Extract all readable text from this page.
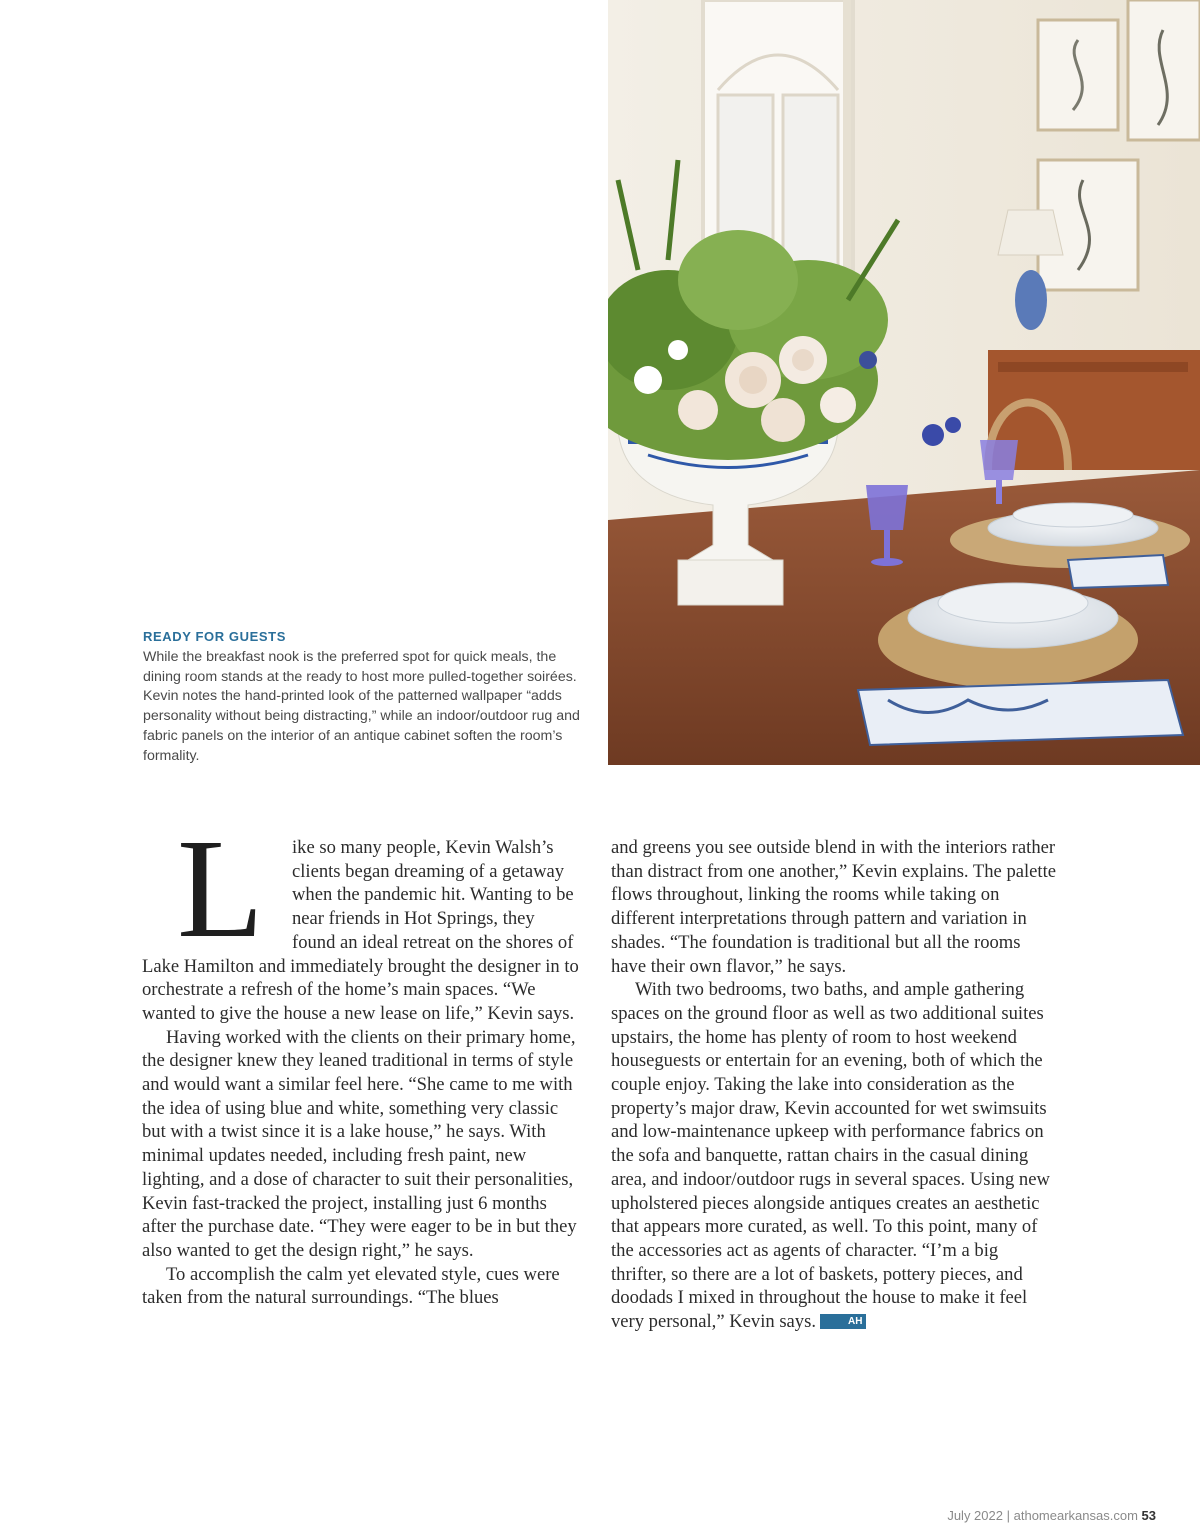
READY FOR GUESTS

While the breakfast nook is the preferred spot for quick meals, the dining room stands at the ready to host more pulled-together soirées. Kevin notes the hand-printed look of the patterned wallpaper “adds personality without being distracting,” while an indoor/outdoor rug and fabric panels on the interior of an antique cabinet soften the room’s formality.

L	ike so many people, Kevin Walsh’s clients began dreaming of a getaway when the pandemic hit. Wanting to be near friends in Hot Springs, they found an ideal retreat on the shores of Lake Hamilton and immediately brought the designer in to orchestrate a refresh of the home’s main spaces. “We wanted to give the house a new lease on life,” Kevin says.

Having worked with the clients on their primary home, the designer knew they leaned traditional in terms of style and would want a similar feel here. “She came to me with the idea of using blue and white, something very classic but with a twist since it is a lake house,” he says. With minimal updates needed, including fresh paint, new lighting, and a dose of character to suit their personalities, Kevin fast-tracked the project, installing just 6 months after the purchase date. “They were eager to be in but they also wanted to get the design right,” he says.

To accomplish the calm yet elevated style, cues were taken from the natural surroundings. “The blues

and greens you see outside blend in with the interiors rather than distract from one another,” Kevin explains. The palette flows throughout, linking the rooms while taking on different interpretations through pattern and variation in shades. “The foundation is traditional but all the rooms have their own flavor,” he says.

With two bedrooms, two baths, and ample gathering spaces on the ground floor as well as two additional suites upstairs, the home has plenty of room to host weekend houseguests or entertain for an evening, both of which the couple enjoy. Taking the lake into consideration as the property’s major draw, Kevin accounted for wet swimsuits and low-maintenance upkeep with performance fabrics on the sofa and banquette, rattan chairs in the casual dining area, and indoor/outdoor rugs in several spaces. Using new upholstered pieces alongside antiques creates an aesthetic that appears more curated, as well. To this point, many of the accessories act as agents of character. “I’m a big thrifter, so there are a lot of baskets, pottery pieces, and doodads I mixed in throughout the house to make it feel very personal,” Kevin says.	AH

July 2022 | athomearkansas.com 53
